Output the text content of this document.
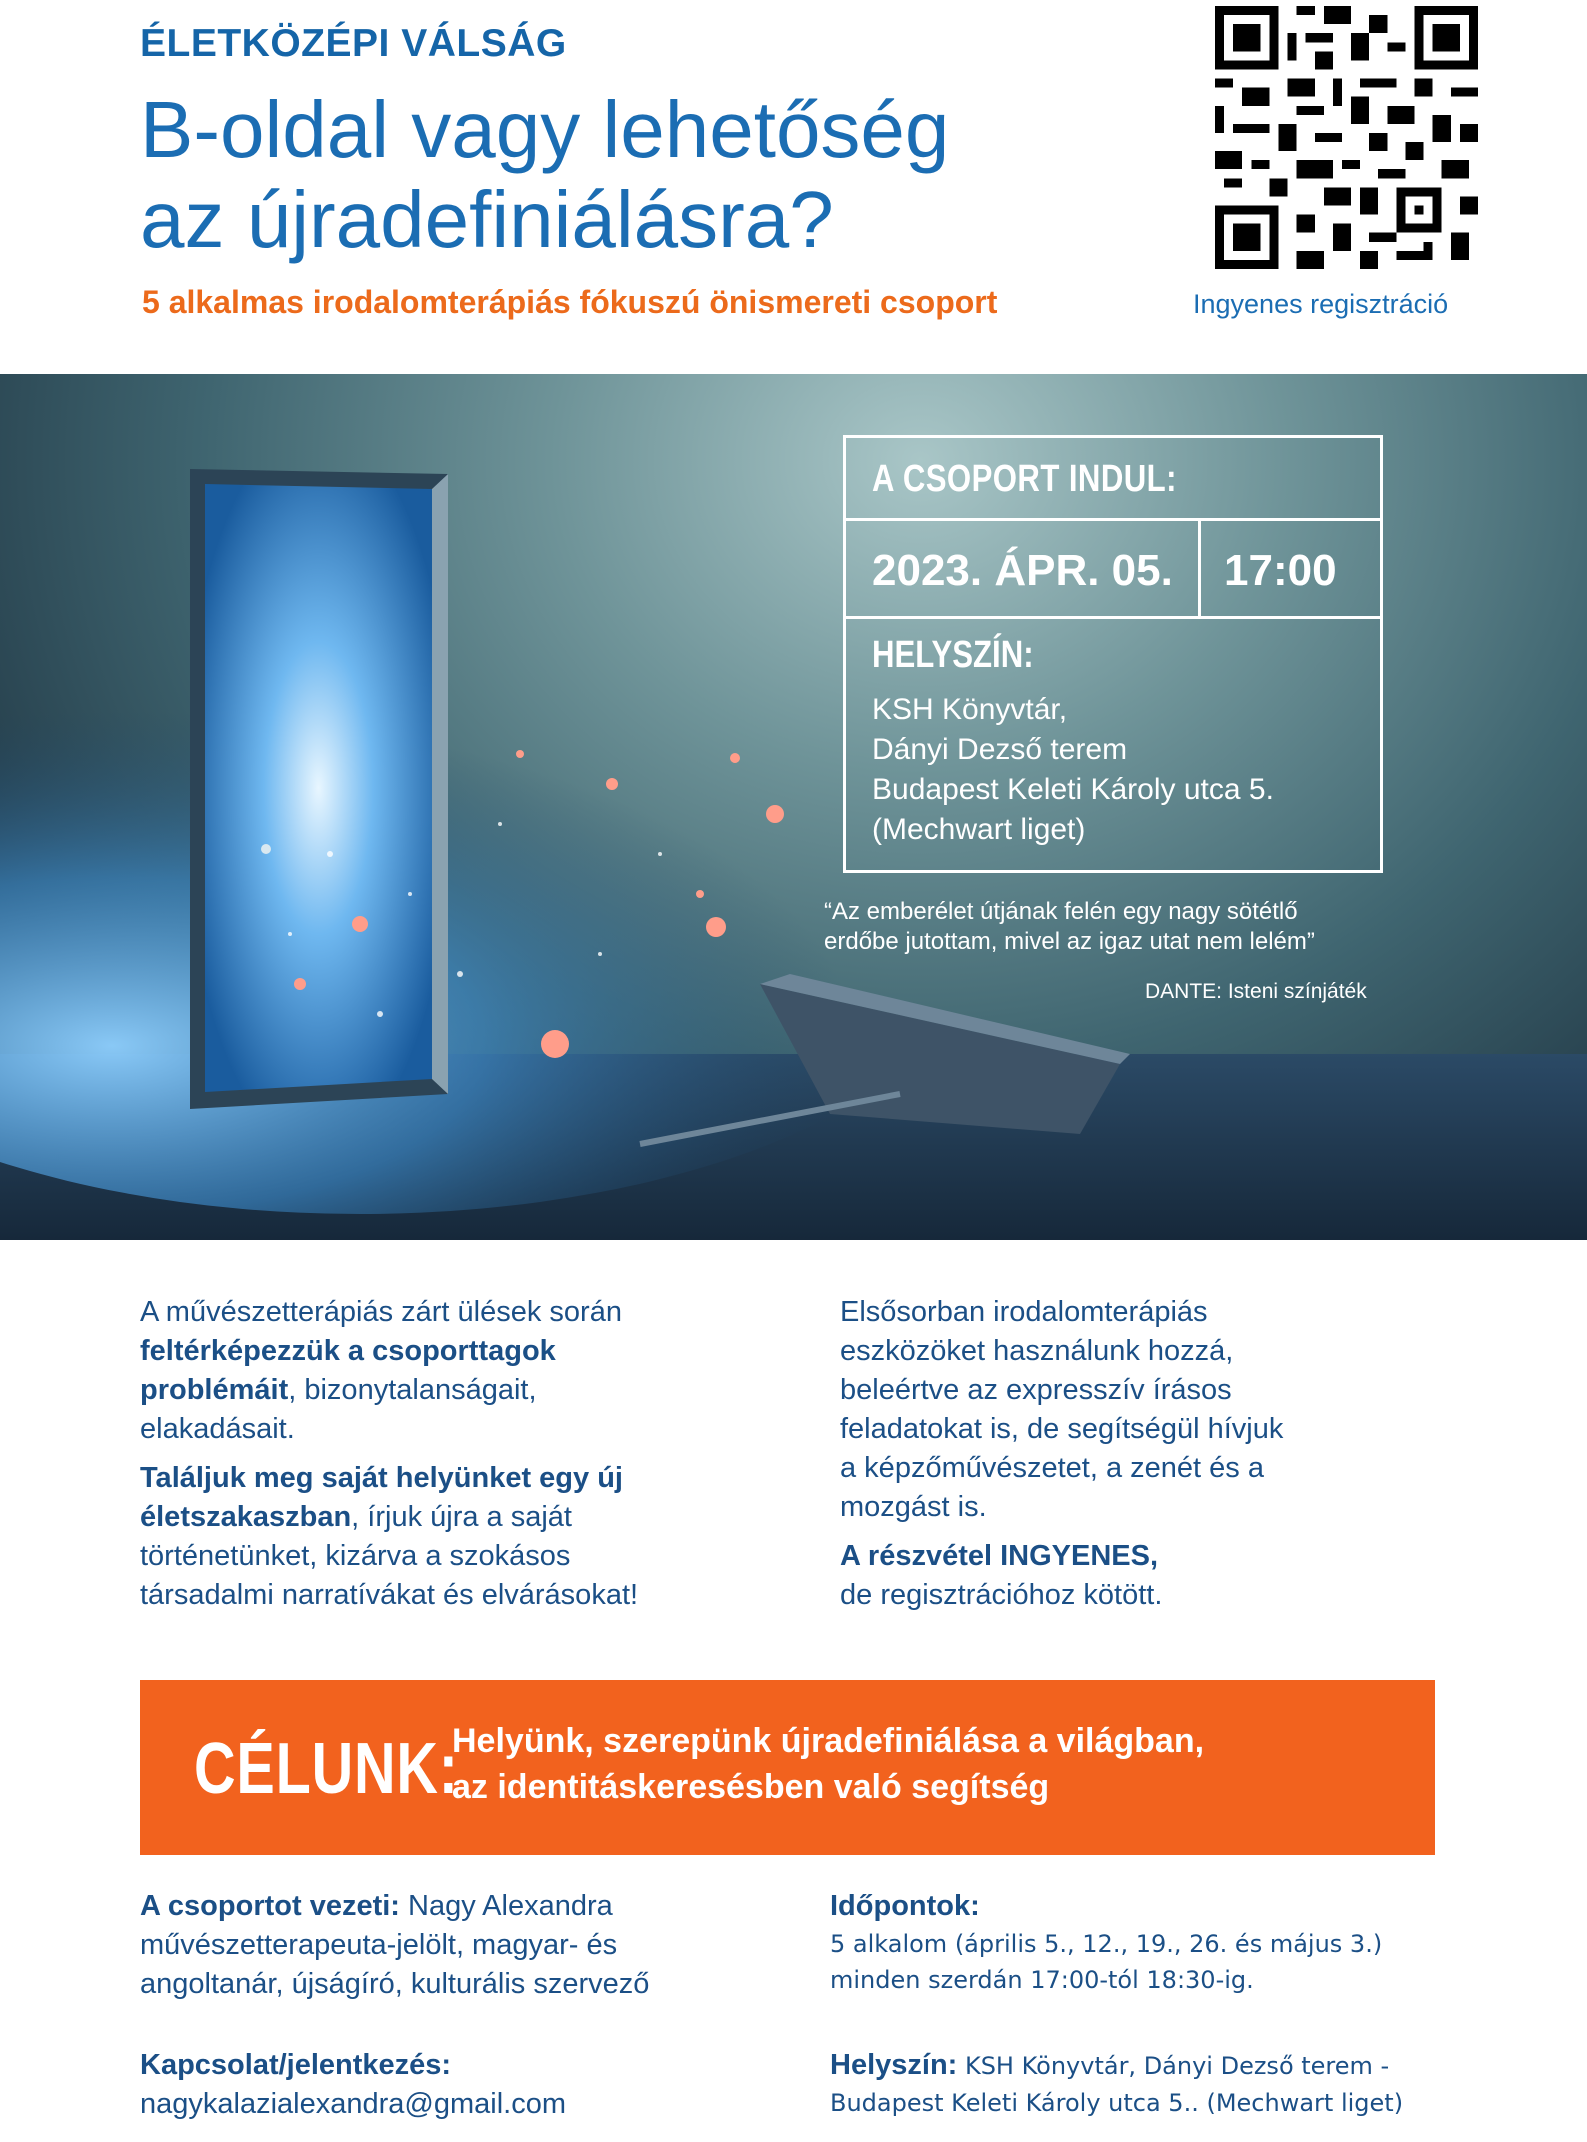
ÉLETKÖZÉPI VÁLSÁG
B-oldal vagy lehetőség
az újradefiniálásra?
5 alkalmas irodalomterápiás fókuszú önismereti csoport	Ingyenes regisztráció
KSHKÖNYVTÁR
A CSOPORT INDUL:
2023. ÁPR. 05. 17:00
HELYSZÍN:
KSH Könyvtár,
Dányi Dezső terem
Budapest Keleti Károly utca 5.
(Mechwart liget)
“Az emberélet útjának felén egy nagy sötétlő
erdőbe jutottam, mivel az igaz utat nem lelém”
DANTE: Isteni színjáték
A művészetterápiás zárt ülések során
feltérképezzük a csoporttagok
problémáit, bizonytalanságait,
elakadásait.
Találjuk meg saját helyünket egy új
életszakaszban, írjuk újra a saját
történetünket, kizárva a szokásos
társadalmi narratívákat és elvárásokat!
Elsősorban irodalomterápiás
eszközöket használunk hozzá,
beleértve az expresszív írásos
feladatokat is, de segítségül hívjuk
a képzőművészetet, a zenét és a
mozgást is.
A részvétel INGYENES,
de regisztrációhoz kötött.
CÉLUNK:
Helyünk, szerepünk újradefiniálása a világban,
az identitáskeresésben való segítség
A csoportot vezeti: Nagy Alexandra
művészetterapeuta-jelölt, magyar- és
angoltanár, újságíró, kulturális szervező
Kapcsolat/jelentkezés:
nagykalazialexandra@gmail.com
Időpontok:
5 alkalom (április 5., 12., 19., 26. és május 3.)
minden szerdán 17:00-tól 18:30-ig.
Helyszín: KSH Könyvtár, Dányi Dezső terem -
Budapest Keleti Károly utca 5.. (Mechwart liget)
